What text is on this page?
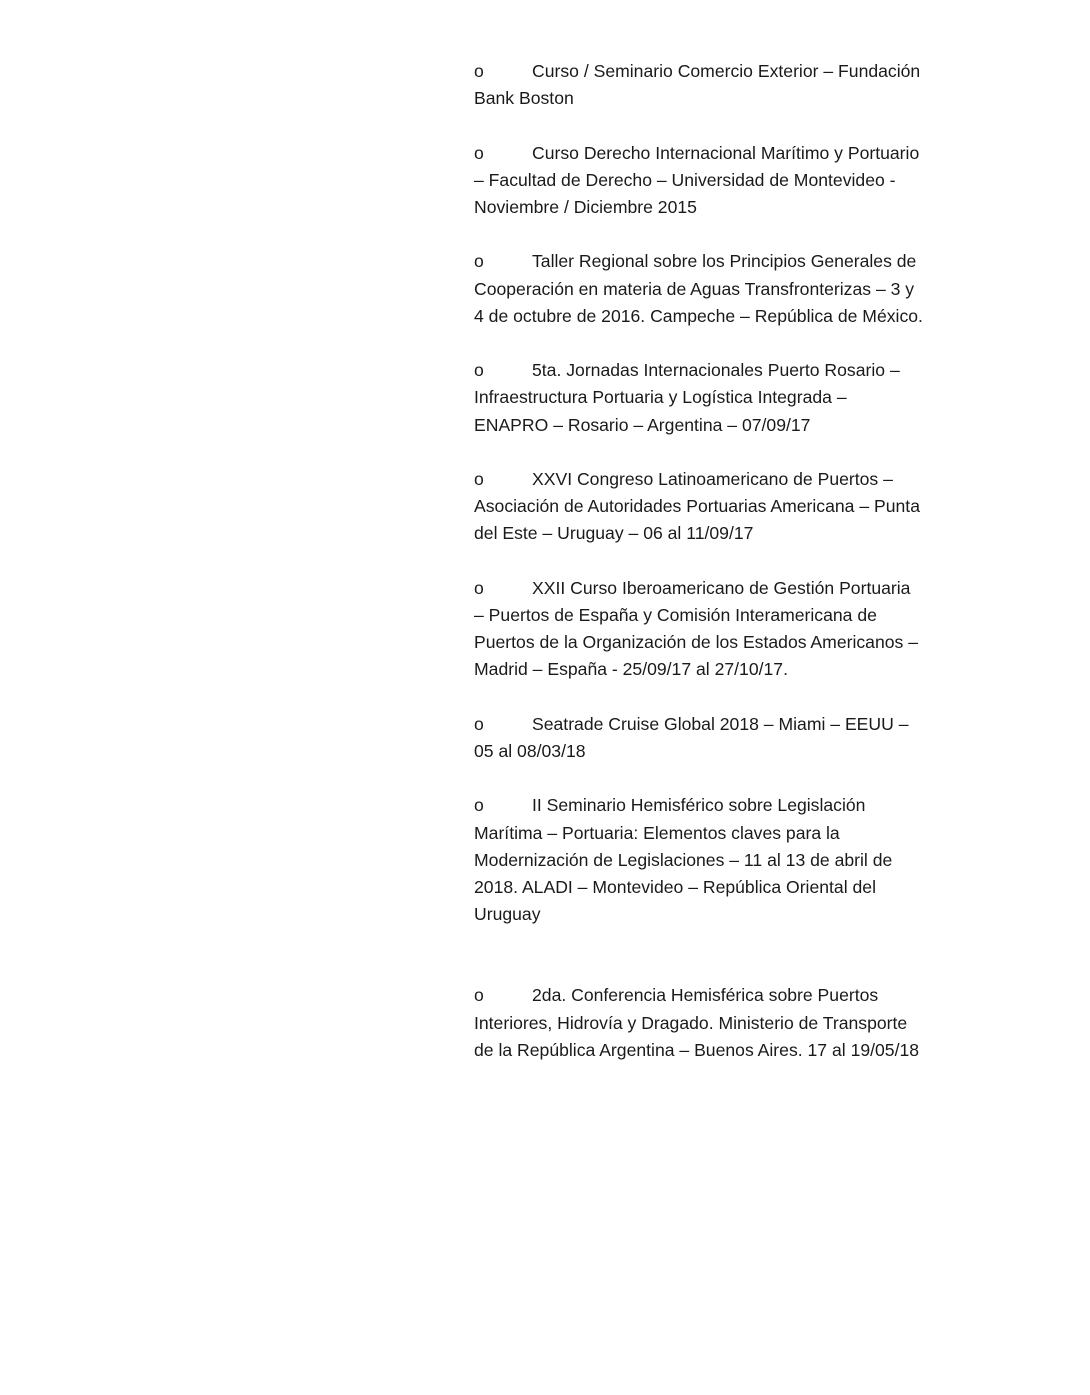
o	Curso / Seminario Comercio Exterior – Fundación Bank Boston

o	Curso Derecho Internacional Marítimo y Portuario – Facultad de Derecho – Universidad de Montevideo - Noviembre / Diciembre 2015

o	Taller Regional sobre los Principios Generales de Cooperación en materia de Aguas Transfronterizas – 3 y 4 de octubre de 2016. Campeche – República de México.

o	5ta. Jornadas Internacionales Puerto Rosario – Infraestructura Portuaria y Logística Integrada – ENAPRO – Rosario – Argentina – 07/09/17

o	XXVI Congreso Latinoamericano de Puertos – Asociación de Autoridades Portuarias Americana – Punta del Este – Uruguay – 06 al 11/09/17

o	XXII Curso Iberoamericano de Gestión Portuaria – Puertos de España y Comisión Interamericana de Puertos de la Organización de los Estados Americanos – Madrid – España - 25/09/17 al 27/10/17.

o	Seatrade Cruise Global 2018 – Miami – EEUU – 05 al 08/03/18

o	II Seminario Hemisférico sobre Legislación Marítima – Portuaria: Elementos claves para la Modernización de Legislaciones – 11 al 13 de abril de 2018. ALADI – Montevideo – República Oriental del Uruguay

o	2da. Conferencia Hemisférica sobre Puertos Interiores, Hidrovía y Dragado. Ministerio de Transporte de la República Argentina – Buenos Aires. 17 al 19/05/18
